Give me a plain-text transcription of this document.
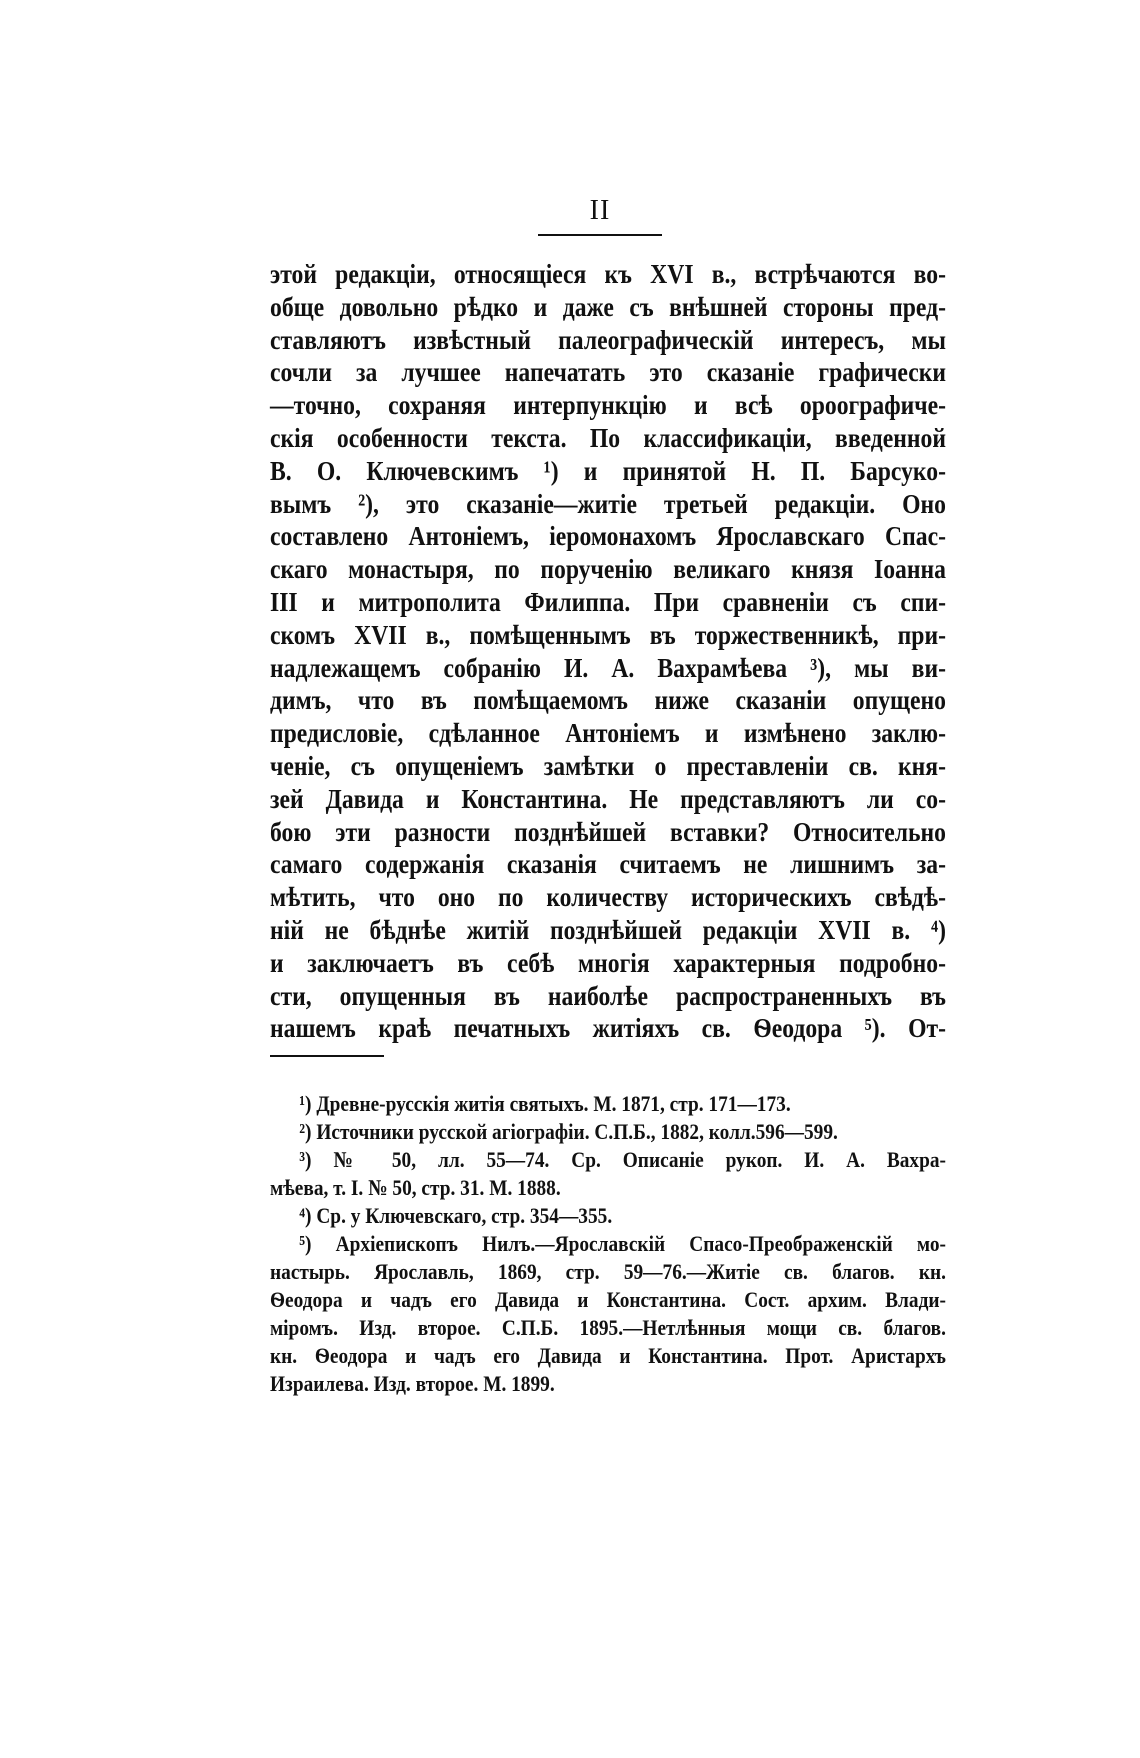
II
этой редакціи, относящіеся къ XVI в., встрѣчаются во-
обще довольно рѣдко и даже съ внѣшней стороны пред-
ставляютъ извѣстный палеографическій интересъ, мы
сочли за лучшее напечатать это сказаніе графически
—точно, сохраняя интерпункцію и всѣ ороографиче-
скія особенности текста. По классификаціи, введенной
В. О. Ключевскимъ ¹) и принятой Н. П. Барсуко-
вымъ ²), это сказаніе—житіе третьей редакціи. Оно
составлено Антоніемъ, іеромонахомъ Ярославскаго Спас-
скаго монастыря, по порученію великаго князя Іоанна
III и митрополита Филиппа. При сравненіи съ спи-
скомъ XVII в., помѣщеннымъ въ торжественникѣ, при-
надлежащемъ собранію И. А. Вахрамѣева ³), мы ви-
димъ, что въ помѣщаемомъ ниже сказаніи опущено
предисловіе, сдѣланное Антоніемъ и измѣнено заклю-
ченіе, съ опущеніемъ замѣтки о преставленіи св. кня-
зей Давида и Константина. Не представляютъ ли со-
бою эти разности позднѣйшей вставки? Относительно
самаго содержанія сказанія считаемъ не лишнимъ за-
мѣтить, что оно по количеству историческихъ свѣдѣ-
ній не бѣднѣе житій позднѣйшей редакціи XVII в. ⁴)
и заключаетъ въ себѣ многія характерныя подробно-
сти, опущенныя въ наиболѣе распространенныхъ въ
нашемъ краѣ печатныхъ житіяхъ св. Ѳеодора ⁵). От-
¹) Древне-русскія житія святыхъ. М. 1871, стр. 171—173.
²) Источники русской агіографіи. С.П.Б., 1882, колл.596—599.
³) № 50, лл. 55—74. Ср. Описаніе рукоп. И. А. Вахра-
мѣева, т. I. № 50, стр. 31. М. 1888.
⁴) Ср. у Ключевскаго, стр. 354—355.
⁵) Архіепископъ Нилъ.—Ярославскій Спасо-Преображенскій мо-
настырь. Ярославль, 1869, стр. 59—76.—Житіе св. благов. кн.
Ѳеодора и чадъ его Давида и Константина. Сост. архим. Влади-
міромъ. Изд. второе. С.П.Б. 1895.—Нетлѣнныя мощи св. благов.
кн. Ѳеодора и чадъ его Давида и Константина. Прот. Аристархъ
Израилева. Изд. второе. М. 1899.
